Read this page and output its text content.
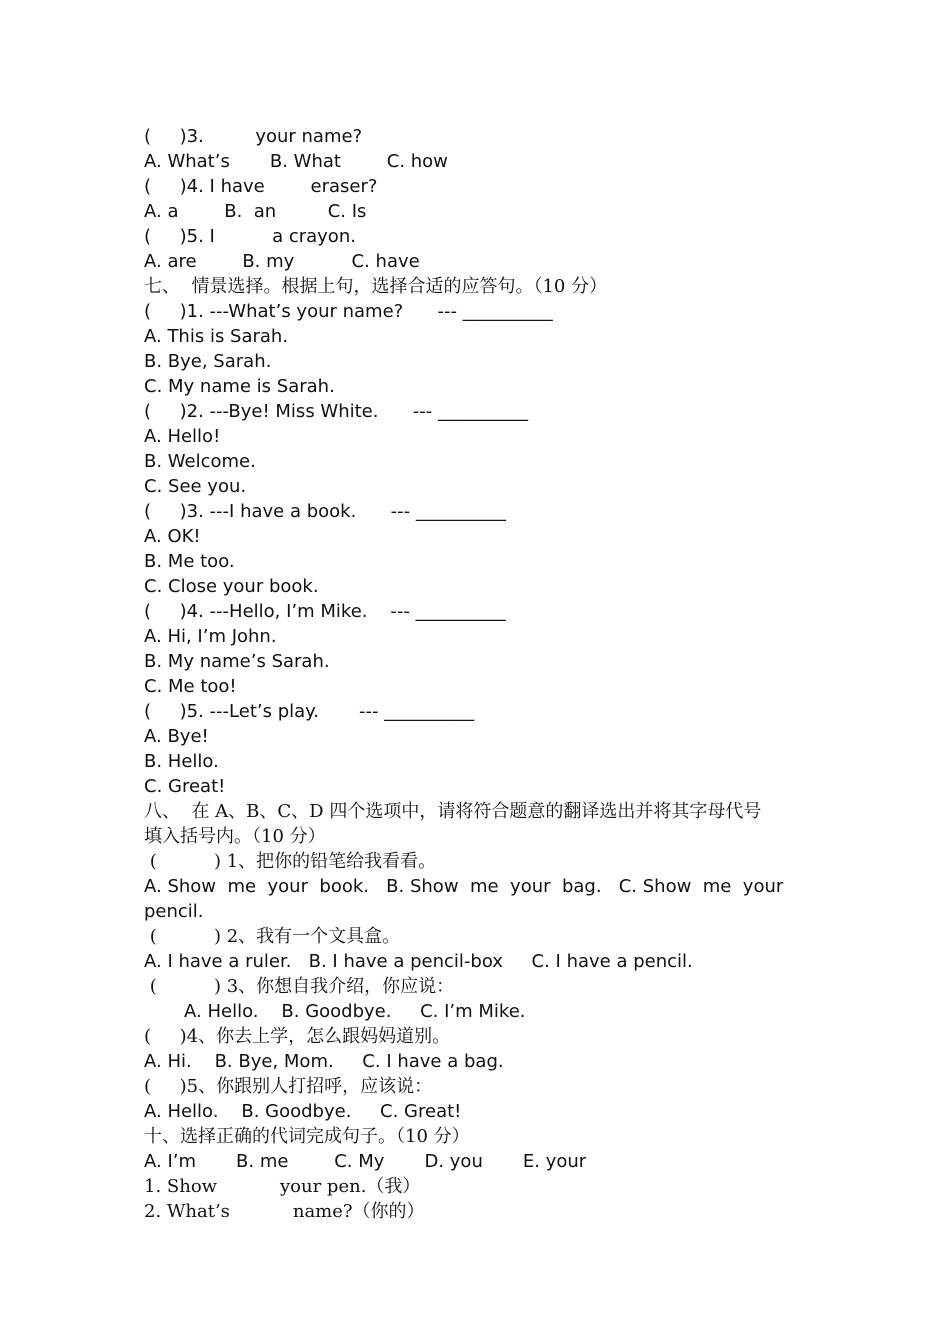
(     )3.         your name?
A. What’s       B. What        C. how
(     )4. I have        eraser?
A. a        B.  an         C. Is
(     )5. I          a crayon.
A. are        B. my          C. have
七、  情景选择。根据上句，选择合适的应答句。（10 分）
(     )1. ---What’s your name?      --- __________
A. This is Sarah.
B. Bye, Sarah.
C. My name is Sarah.
(     )2. ---Bye! Miss White.      --- __________
A. Hello!
B. Welcome.
C. See you.
(     )3. ---I have a book.      --- __________
A. OK!
B. Me too.
C. Close your book.
(     )4. ---Hello, I’m Mike.    --- __________
A. Hi, I’m John.
B. My name’s Sarah.
C. Me too!
(     )5. ---Let’s play.       --- __________
A. Bye!
B. Hello.
C. Great!
八、  在 A、B、C、D 四个选项中，请将符合题意的翻译选出并将其字母代号
填入括号内。（10 分）
(          ) 1、把你的铅笔给我看看。
A. Show  me  your  book.   B. Show  me  your  bag.   C. Show  me  your
pencil.
(          ) 2、我有一个文具盒。
A. I have a ruler.   B. I have a pencil-box     C. I have a pencil.
(          ) 3、你想自我介绍，你应说：
A. Hello.    B. Goodbye.     C. I’m Mike.
(     )4、你去上学，怎么跟妈妈道别。
A. Hi.    B. Bye, Mom.     C. I have a bag.
(     )5、你跟别人打招呼，应该说：
A. Hello.    B. Goodbye.     C. Great!
十、选择正确的代词完成句子。（10 分）
A. I’m       B. me        C. My       D. you       E. your
1. Show           your pen.（我）
2. What’s           name?（你的）
